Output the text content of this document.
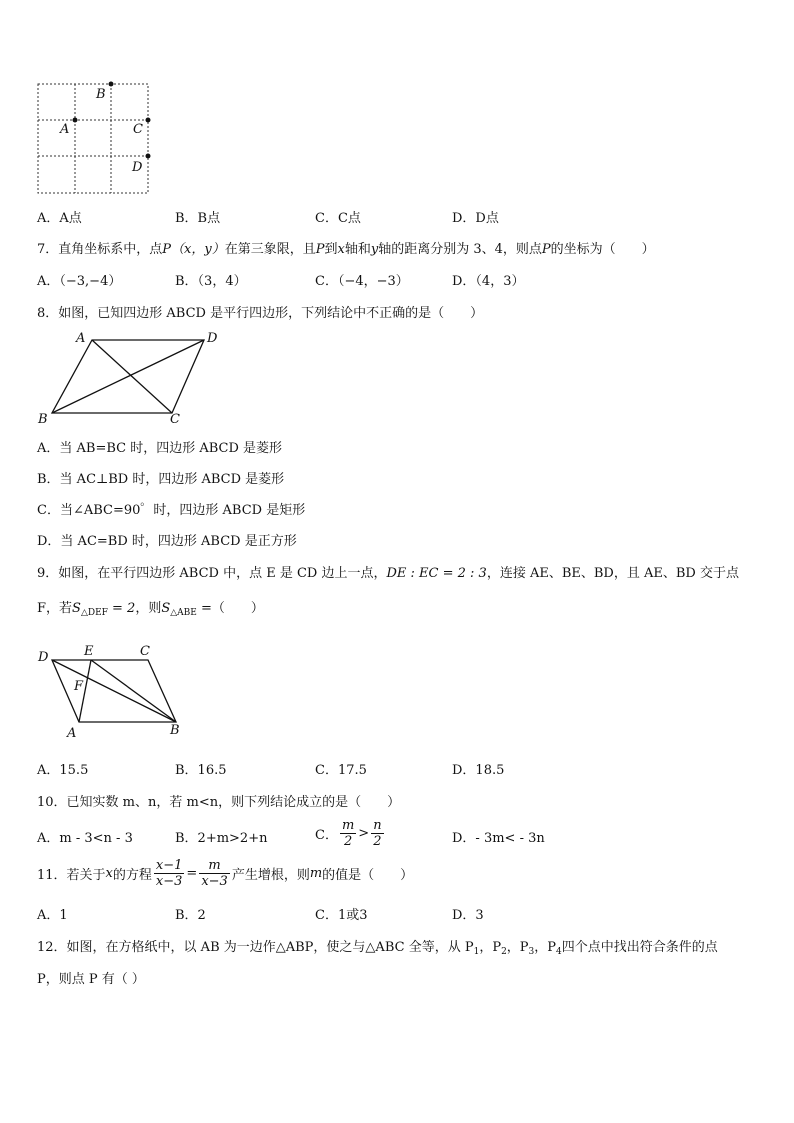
B
A	C
D
A．A点	B．B点	C．C点	D．D点
7．直角坐标系中，点P（x，y）在第三象限，且P到x轴和y轴的距离分别为 3、4，则点P的坐标为（　　）
A．（−3,−4）	B．（3，4）	C．（−4，−3）	D．（4，3）
8．如图，已知四边形 ABCD 是平行四边形，下列结论中不正确的是（　　）
A	D
B	C
A．当 AB=BC 时，四边形 ABCD 是菱形
B．当 AC⊥BD 时，四边形 ABCD 是菱形
C．当∠ABC=90゜时，四边形 ABCD 是矩形
D．当 AC=BD 时，四边形 ABCD 是正方形
9．如图，在平行四边形 ABCD 中，点 E 是 CD 边上一点，DE : EC = 2 : 3，连接 AE、BE、BD，且 AE、BD 交于点
F，若$S_{\triangle DEF} = 2$，则$S_{\triangle ABE}$ =（　　）
D	E	C
F
A	B
A．15.5	B．16.5	C．17.5	D．18.5
10．已知实数 m、n，若 m<n，则下列结论成立的是（　　）
A．m - 3<n - 3	B．2+m>2+n	C． $\frac{m}{2} > \frac{n}{2}$	D．- 3m< - 3n
11．若关于x的方程 $\frac{x-1}{x-3} = \frac{m}{x-3}$ 产生增根，则m的值是（　　）
A．1	B．2	C．1或3	D．3
12．如图，在方格纸中，以 AB 为一边作△ABP，使之与△ABC 全等，从 $P_1$，$P_2$，$P_3$，$P_4$四个点中找出符合条件的点
P，则点 P 有（ ）
